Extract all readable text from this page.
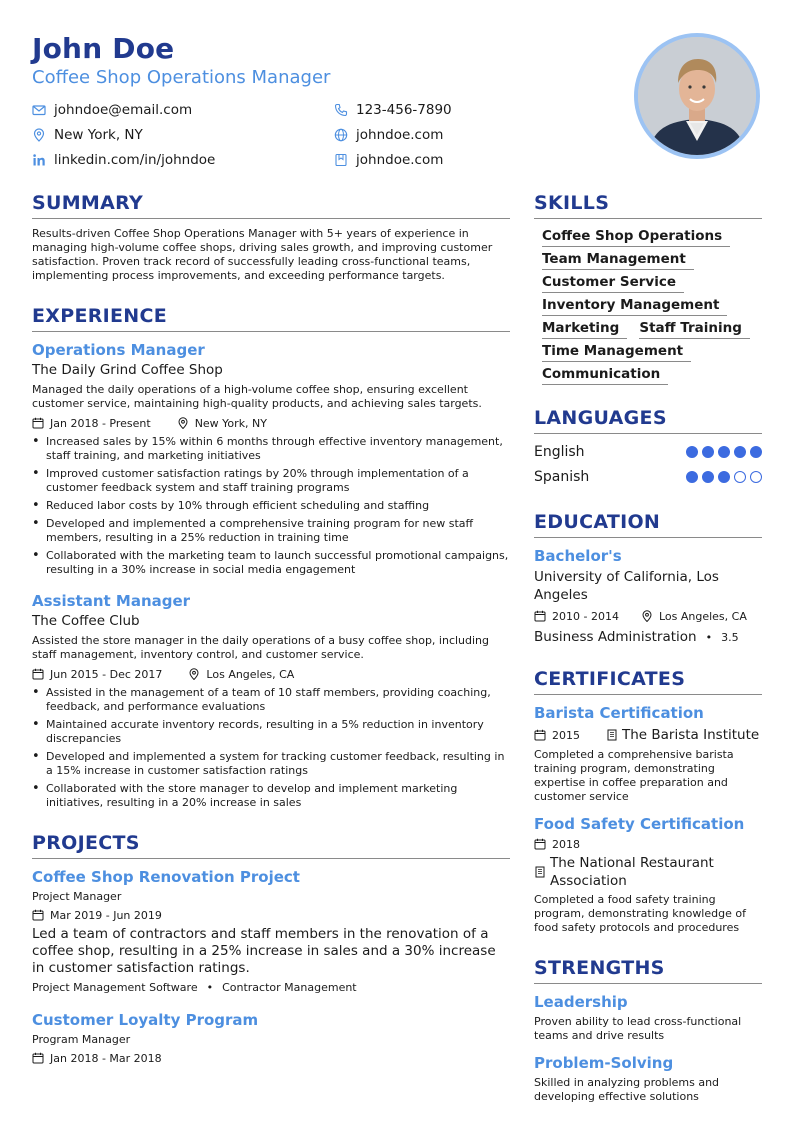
John Doe
Coffee Shop Operations Manager
johndoe@email.com	123-456-7890
New York, NY	johndoe.com
linkedin.com/in/johndoe	johndoe.com
SUMMARY
Results-driven Coffee Shop Operations Manager with 5+ years of experience in managing high-volume coffee shops, driving sales growth, and improving customer satisfaction. Proven track record of successfully leading cross-functional teams, implementing process improvements, and exceeding performance targets.
EXPERIENCE
Operations Manager
The Daily Grind Coffee Shop
Managed the daily operations of a high-volume coffee shop, ensuring excellent customer service, maintaining high-quality products, and achieving sales targets.
Jan 2018 - Present	New York, NY
• Increased sales by 15% within 6 months through effective inventory management, staff training, and marketing initiatives
• Improved customer satisfaction ratings by 20% through implementation of a customer feedback system and staff training programs
• Reduced labor costs by 10% through efficient scheduling and staffing
• Developed and implemented a comprehensive training program for new staff members, resulting in a 25% reduction in training time
• Collaborated with the marketing team to launch successful promotional campaigns, resulting in a 30% increase in social media engagement
Assistant Manager
The Coffee Club
Assisted the store manager in the daily operations of a busy coffee shop, including staff management, inventory control, and customer service.
Jun 2015 - Dec 2017	Los Angeles, CA
• Assisted in the management of a team of 10 staff members, providing coaching, feedback, and performance evaluations
• Maintained accurate inventory records, resulting in a 5% reduction in inventory discrepancies
• Developed and implemented a system for tracking customer feedback, resulting in a 15% increase in customer satisfaction ratings
• Collaborated with the store manager to develop and implement marketing initiatives, resulting in a 20% increase in sales
PROJECTS
Coffee Shop Renovation Project
Project Manager
Mar 2019 - Jun 2019
Led a team of contractors and staff members in the renovation of a coffee shop, resulting in a 25% increase in sales and a 30% increase in customer satisfaction ratings.
Project Management Software • Contractor Management
Customer Loyalty Program
Program Manager
Jan 2018 - Mar 2018
SKILLS
Coffee Shop Operations
Team Management
Customer Service
Inventory Management
Marketing	Staff Training
Time Management
Communication
LANGUAGES
English
Spanish
EDUCATION
Bachelor's
University of California, Los Angeles
2010 - 2014	Los Angeles, CA
Business Administration • 3.5
CERTIFICATES
Barista Certification
2015	The Barista Institute
Completed a comprehensive barista training program, demonstrating expertise in coffee preparation and customer service
Food Safety Certification
2018
The National Restaurant Association
Completed a food safety training program, demonstrating knowledge of food safety protocols and procedures
STRENGTHS
Leadership
Proven ability to lead cross-functional teams and drive results
Problem-Solving
Skilled in analyzing problems and developing effective solutions
